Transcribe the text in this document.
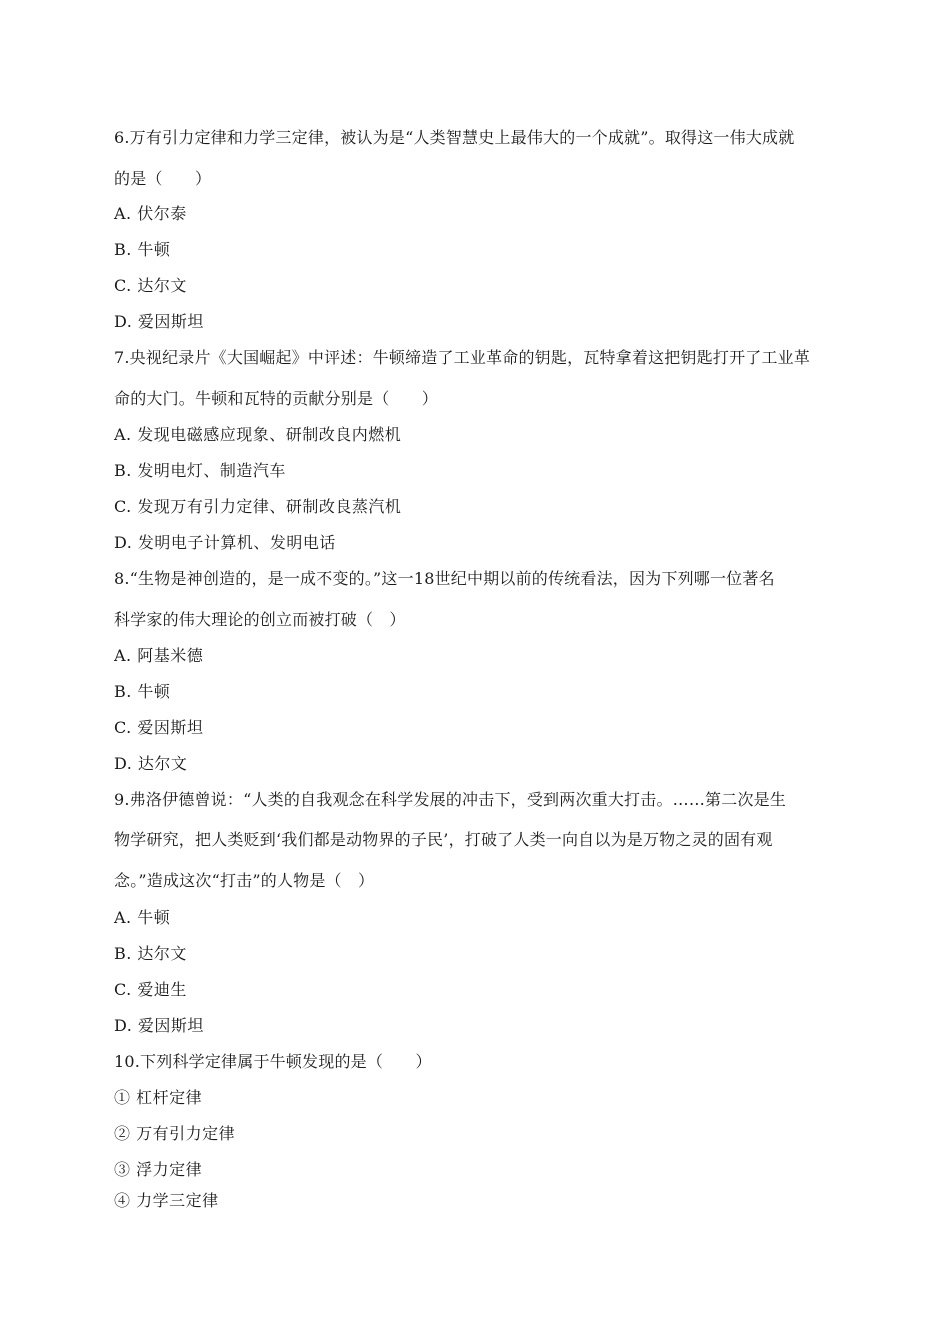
6.万有引力定律和力学三定律，被认为是“人类智慧史上最伟大的一个成就”。取得这一伟大成就
的是（　　）
A. 伏尔泰
B. 牛顿
C. 达尔文
D. 爱因斯坦
7.央视纪录片《大国崛起》中评述：牛顿缔造了工业革命的钥匙，瓦特拿着这把钥匙打开了工业革
命的大门。牛顿和瓦特的贡献分别是（　　）
A. 发现电磁感应现象、研制改良内燃机
B. 发明电灯、制造汽车
C. 发现万有引力定律、研制改良蒸汽机
D. 发明电子计算机、发明电话
8.“生物是神创造的，是一成不变的。”这一18世纪中期以前的传统看法，因为下列哪一位著名
科学家的伟大理论的创立而被打破（　）
A. 阿基米德
B. 牛顿
C. 爱因斯坦
D. 达尔文
9.弗洛伊德曾说：“人类的自我观念在科学发展的冲击下，受到两次重大打击。……第二次是生
物学研究，把人类贬到‘我们都是动物界的子民’，打破了人类一向自以为是万物之灵的固有观
念。”造成这次“打击”的人物是（　）
A. 牛顿
B. 达尔文
C. 爱迪生
D. 爱因斯坦
10.下列科学定律属于牛顿发现的是（　　）
① 杠杆定律
② 万有引力定律
③ 浮力定律
④ 力学三定律
